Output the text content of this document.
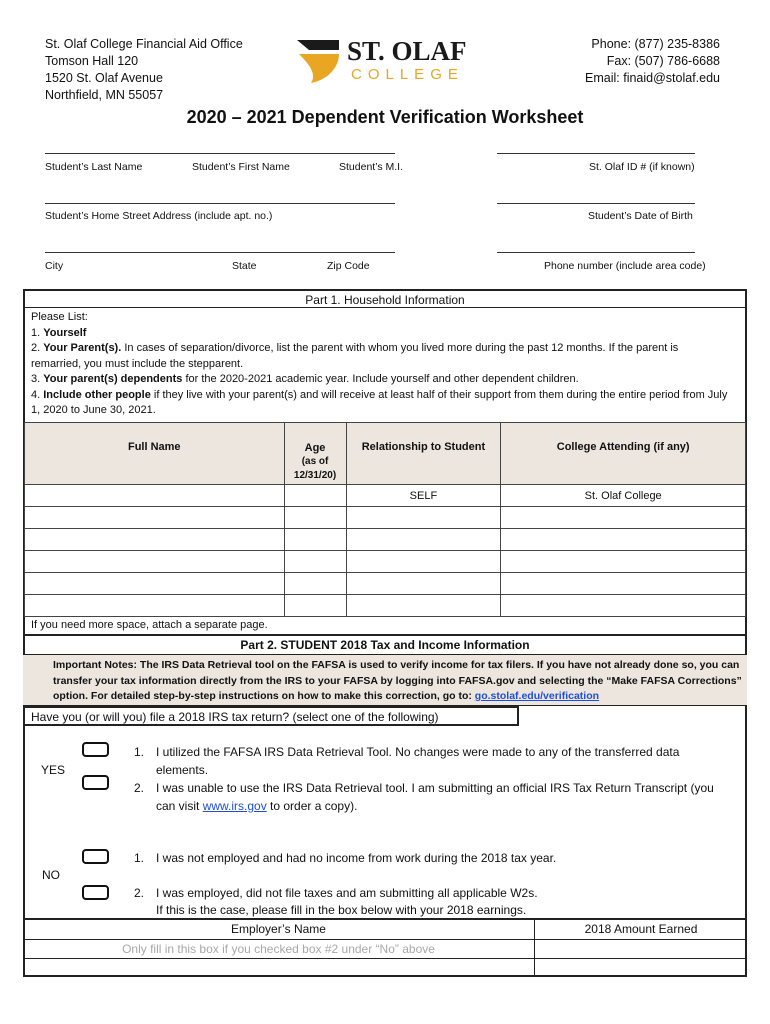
St. Olaf College Financial Aid Office
Tomson Hall 120
1520 St. Olaf Avenue
Northfield, MN 55057
ST. OLAF
COLLEGE
Phone: (877) 235-8386
Fax: (507) 786-6688
Email: finaid@stolaf.edu
2020 – 2021 Dependent Verification Worksheet
Student’s Last Name	Student’s First Name	Student’s M.I.	St. Olaf ID # (if known)
Student’s Home Street Address (include apt. no.)	Student’s Date of Birth
City	State	Zip Code	Phone number (include area code)
Part 1. Household Information
Please List:
1. Yourself
2. Your Parent(s). In cases of separation/divorce, list the parent with whom you lived more during the past 12 months. If the parent is remarried, you must include the stepparent.
3. Your parent(s) dependents for the 2020-2021 academic year. Include yourself and other dependent children.
4. Include other people if they live with your parent(s) and will receive at least half of their support from them during the entire period from July 1, 2020 to June 30, 2021.
Full Name	Age
(as of
12/31/20)	Relationship to Student	College Attending (if any)
		SELF	St. Olaf College

If you need more space, attach a separate page.
Part 2. STUDENT 2018 Tax and Income Information
Important Notes: The IRS Data Retrieval tool on the FAFSA is used to verify income for tax filers. If you have not already done so, you can transfer your tax information directly from the IRS to your FAFSA by logging into FAFSA.gov and selecting the “Make FAFSA Corrections” option. For detailed step-by-step instructions on how to make this correction, go to: go.stolaf.edu/verification
Have you (or will you) file a 2018 IRS tax return? (select one of the following)
YES
1. I utilized the FAFSA IRS Data Retrieval Tool. No changes were made to any of the transferred data elements.
2. I was unable to use the IRS Data Retrieval tool. I am submitting an official IRS Tax Return Transcript (you can visit www.irs.gov to order a copy).
NO
1. I was not employed and had no income from work during the 2018 tax year.
2. I was employed, did not file taxes and am submitting all applicable W2s.
If this is the case, please fill in the box below with your 2018 earnings.
Employer’s Name	2018 Amount Earned
Only fill in this box if you checked box #2 under “No” above
